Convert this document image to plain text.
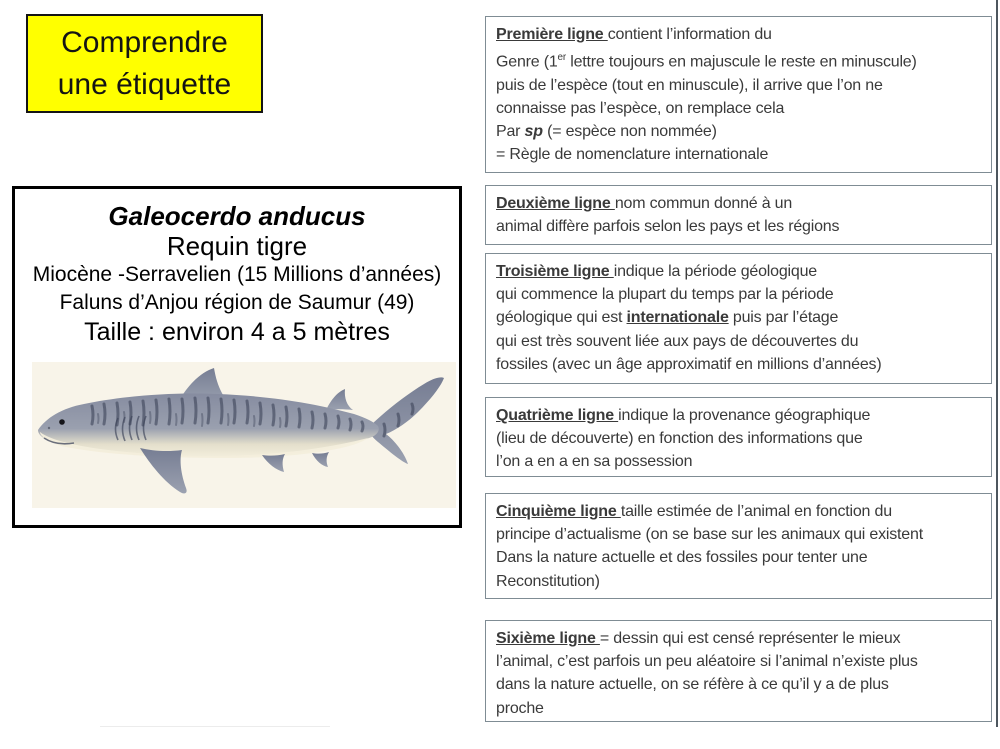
Comprendre
une étiquette
Galeocerdo anducus
Requin tigre
Miocène -Serravelien (15 Millions d’années)
Faluns d’Anjou région de Saumur (49)
Taille : environ 4 a 5 mètres
Première ligne contient l’information du
Genre (1er lettre toujours en majuscule le reste en minuscule)
puis de l’espèce (tout en minuscule), il arrive que l’on ne
connaisse pas l’espèce, on remplace cela
Par sp (= espèce non nommée)
= Règle de nomenclature internationale
Deuxième ligne nom commun donné à un
animal diffère parfois selon les pays et les régions
Troisième ligne indique la période géologique
qui commence la plupart du temps par la période
géologique qui est internationale puis par l’étage
qui est très souvent liée aux pays de découvertes du
fossiles (avec un âge approximatif en millions d’années)
Quatrième ligne indique la provenance géographique
(lieu de découverte) en fonction des informations que
l’on a en a en sa possession
Cinquième ligne taille estimée de l’animal en fonction du
principe d’actualisme (on se base sur les animaux qui existent
Dans la nature actuelle et des fossiles pour tenter une
Reconstitution)
Sixième ligne = dessin qui est censé représenter le mieux
l’animal, c’est parfois un peu aléatoire si l’animal n’existe plus
dans la nature actuelle, on se réfère à ce qu’il y a de plus
proche
